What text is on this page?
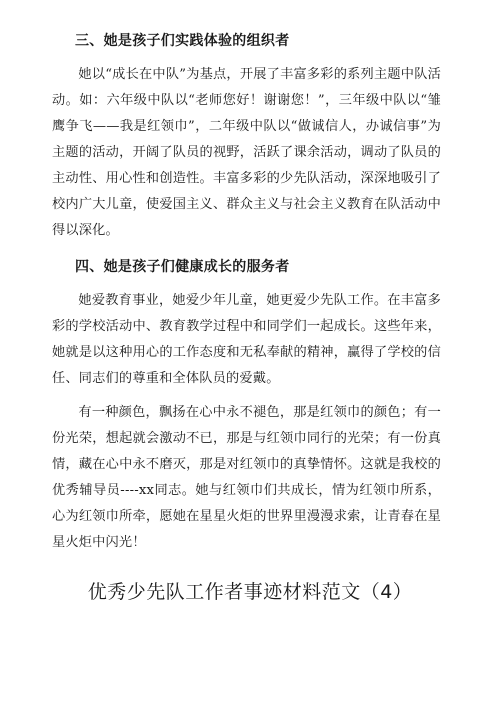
三、她是孩子们实践体验的组织者

她以“成长在中队”为基点，开展了丰富多彩的系列主题中队活动。如：六年级中队以“老师您好！谢谢您！”，三年级中队以“雏鹰争飞——我是红领巾”，二年级中队以“做诚信人，办诚信事”为主题的活动，开阔了队员的视野，活跃了课余活动，调动了队员的主动性、用心性和创造性。丰富多彩的少先队活动，深深地吸引了校内广大儿童，使爱国主义、群众主义与社会主义教育在队活动中得以深化。

四、她是孩子们健康成长的服务者

她爱教育事业，她爱少年儿童，她更爱少先队工作。在丰富多彩的学校活动中、教育教学过程中和同学们一起成长。这些年来，她就是以这种用心的工作态度和无私奉献的精神，赢得了学校的信任、同志们的尊重和全体队员的爱戴。

有一种颜色，飘扬在心中永不褪色，那是红领巾的颜色；有一份光荣，想起就会激动不已，那是与红领巾同行的光荣；有一份真情，藏在心中永不磨灭，那是对红领巾的真挚情怀。这就是我校的优秀辅导员----xx同志。她与红领巾们共成长，情为红领巾所系，心为红领巾所牵，愿她在星星火炬的世界里漫漫求索，让青春在星星火炬中闪光！

优秀少先队工作者事迹材料范文（4）
